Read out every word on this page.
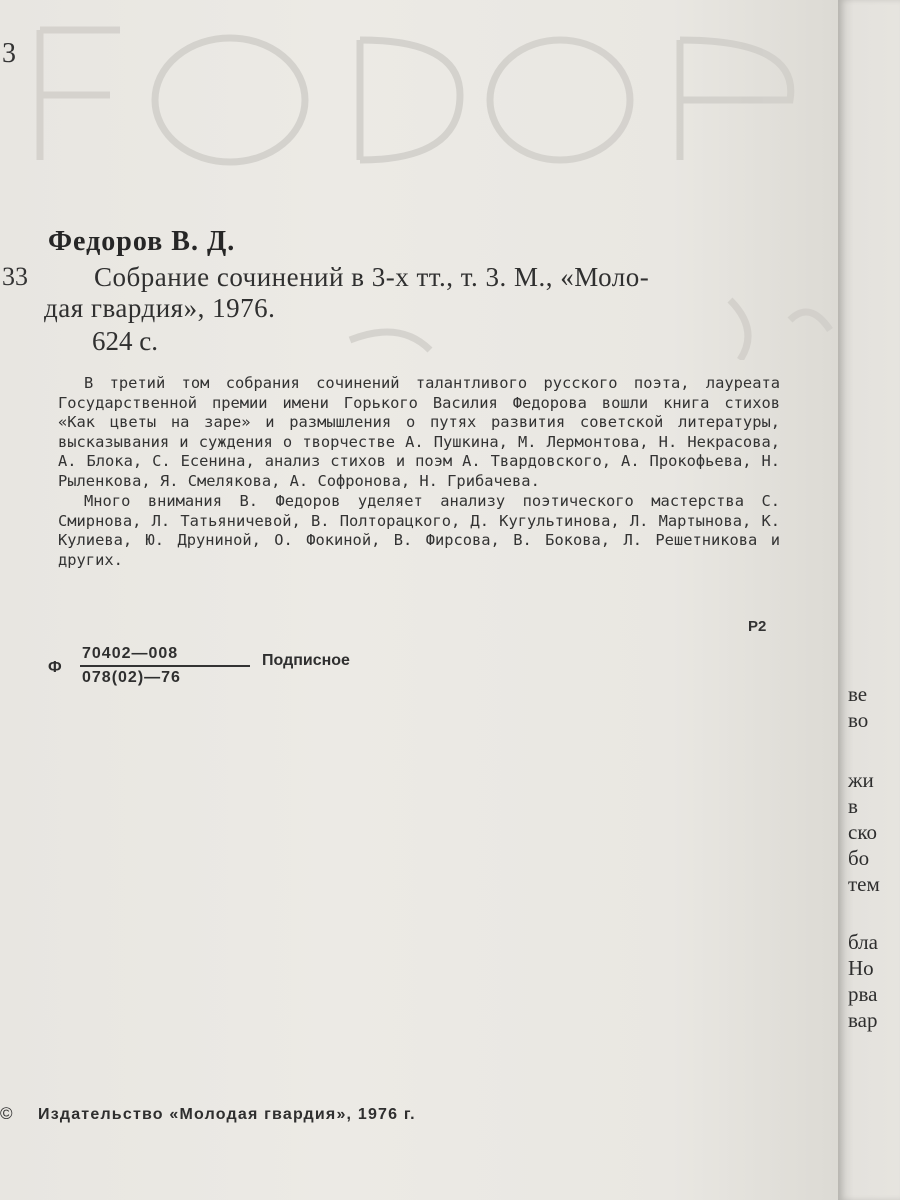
3

33

Федоров В. Д.

Собрание сочинений в 3-х тт., т. 3. М., «Моло-
дая гвардия», 1976.

624 с.

В третий том собрания сочинений талантливого русского поэта, лауреата Государственной премии имени Горького Василия Федорова вошли книга стихов «Как цветы на заре» и размышления о путях развития советской литературы, высказывания и суждения о творчестве А. Пушкина, М. Лермонтова, Н. Некрасова, А. Блока, С. Есенина, анализ стихов и поэм А. Твардовского, А. Прокофьева, Н. Рыленкова, Я. Смелякова, А. Софронова, Н. Грибачева.

Много внимания В. Федоров уделяет анализу поэтического мастерства С. Смирнова, Л. Татьяничевой, В. Полторацкого, Д. Кугультинова, Л. Мартынова, К. Кулиева, Ю. Друниной, О. Фокиной, В. Фирсова, В. Бокова, Л. Решетникова и других.

Р2

Ф
70402—008
078(02)—76
Подписное

© Издательство «Молодая гвардия», 1976 г.

ве
во
жи
в
ско
бо
тем
бла
Но
рва
вар
